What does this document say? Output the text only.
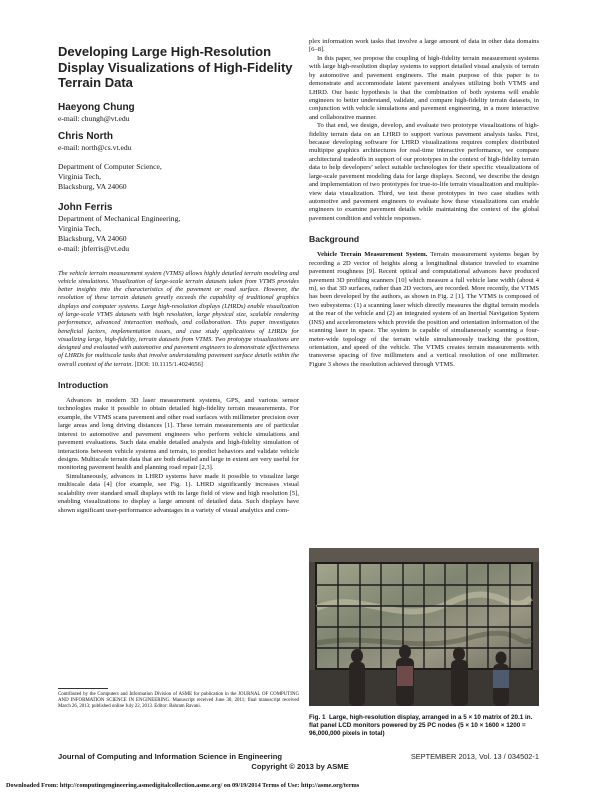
Developing Large High-Resolution
Display Visualizations of High-Fidelity
Terrain Data

Haeyong Chung

e-mail: chungh@vt.edu

Chris North

e-mail: north@cs.vt.edu

Department of Computer Science,

Virginia Tech,

Blacksburg, VA 24060

John Ferris

Department of Mechanical Engineering,

Virginia Tech,

Blacksburg, VA 24060

e-mail: jbferris@vt.edu

The vehicle terrain measurement system (VTMS) allows highly detailed terrain modeling and vehicle simulations. Visualization of large-scale terrain datasets taken from VTMS provides better insights into the characteristics of the pavement or road surface. However, the resolution of these terrain datasets greatly exceeds the capability of traditional graphics displays and computer systems. Large high-resolution displays (LHRDs) enable visualization of large-scale VTMS datasets with high resolution, large physical size, scalable rendering performance, advanced interaction methods, and collaboration. This paper investigates beneficial factors, implementation issues, and case study applications of LHRDs for visualizing large, high-fidelity, terrain datasets from VTMS. Two prototype visualizations are designed and evaluated with automotive and pavement engineers to demonstrate effectiveness of LHRDs for multiscale tasks that involve understanding pavement surface details within the overall context of the terrain. [DOI: 10.1115/1.4024656]

Introduction

Advances in modern 3D laser measurement systems, GPS, and various sensor technologies make it possible to obtain detailed high-fidelity terrain measurements. For example, the VTMS scans pavement and other road surfaces with millimeter precision over large areas and long driving distances [1]. These terrain measurements are of particular interest to automotive and pavement engineers who perform vehicle simulations and pavement evaluations. Such data enable detailed analysis and high-fidelity simulation of interactions between vehicle systems and terrain, to predict behaviors and validate vehicle designs. Multiscale terrain data that are both detailed and large in extent are very useful for monitoring pavement health and planning road repair [2,3].

Simultaneously, advances in LHRD systems have made it possible to visualize large multiscale data [4] (for example, see Fig. 1). LHRD significantly increases visual scalability over standard small displays with its large field of view and high resolution [5], enabling visualizations to display a large amount of detailed data. Such displays have shown significant user-performance advantages in a variety of visual analytics and com-

plex information work tasks that involve a large amount of data in other data domains [6–8].

In this paper, we propose the coupling of high-fidelity terrain measurement systems with large high-resolution display systems to support detailed visual analysis of terrain by automotive and pavement engineers. The main purpose of this paper is to demonstrate and accommodate latent pavement analyses utilizing both VTMS and LHRD. Our basic hypothesis is that the combination of both systems will enable engineers to better understand, validate, and compare high-fidelity terrain datasets, in conjunction with vehicle simulations and pavement engineering, in a more interactive and collaborative manner.

To that end, we design, develop, and evaluate two prototype visualizations of high-fidelity terrain data on an LHRD to support various pavement analysis tasks. First, because developing software for LHRD visualizations requires complex distributed multipipe graphics architectures for real-time interactive performance, we compare architectural tradeoffs in support of our prototypes in the context of high-fidelity terrain data to help developers’ select suitable technologies for their specific visualizations of large-scale pavement modeling data for large displays. Second, we describe the design and implementation of two prototypes for true-to-life terrain visualization and multiple-view data visualization. Third, we test these prototypes in two case studies with automotive and pavement engineers to evaluate how these visualizations can enable engineers to examine pavement details while maintaining the context of the global pavement condition and vehicle responses.

Background

Vehicle Terrain Measurement System. Terrain measurement systems began by recording a 2D vector of heights along a longitudinal distance traveled to examine pavement roughness [9]. Recent optical and computational advances have produced pavement 3D profiling scanners [10] which measure a full vehicle lane width (about 4 m), so that 3D surfaces, rather than 2D vectors, are recorded. More recently, the VTMS has been developed by the authors, as shown in Fig. 2 [1]. The VTMS is composed of two subsystems: (1) a scanning laser which directly measures the digital terrain models at the rear of the vehicle and (2) an integrated system of an Inertial Navigation System (INS) and accelerometers which provide the position and orientation information of the scanning laser in space. The system is capable of simultaneously scanning a four-meter-wide topology of the terrain while simultaneously tracking the position, orientation, and speed of the vehicle. The VTMS creates terrain measurements with transverse spacing of five millimeters and a vertical resolution of one millimeter. Figure 3 shows the resolution achieved through VTMS.

Contributed by the Computers and Information Division of ASME for publication in the JOURNAL OF COMPUTING AND INFORMATION SCIENCE IN ENGINEERING. Manuscript received June 30, 2011; final manuscript received March 26, 2013; published online July 22, 2013. Editor: Bahram Ravani.
Fig. 1 Large, high-resolution display, arranged in a 5 × 10 matrix of 20.1 in. flat panel LCD monitors powered by 25 PC nodes (5 × 10 × 1600 × 1200 = 96,000,000 pixels in total)
Journal of Computing and Information Science in Engineering	SEPTEMBER 2013, Vol. 13 / 034502-1
Copyright © 2013 by ASME
Downloaded From: http://computingengineering.asmedigitalcollection.asme.org/ on 09/19/2014 Terms of Use: http://asme.org/terms
